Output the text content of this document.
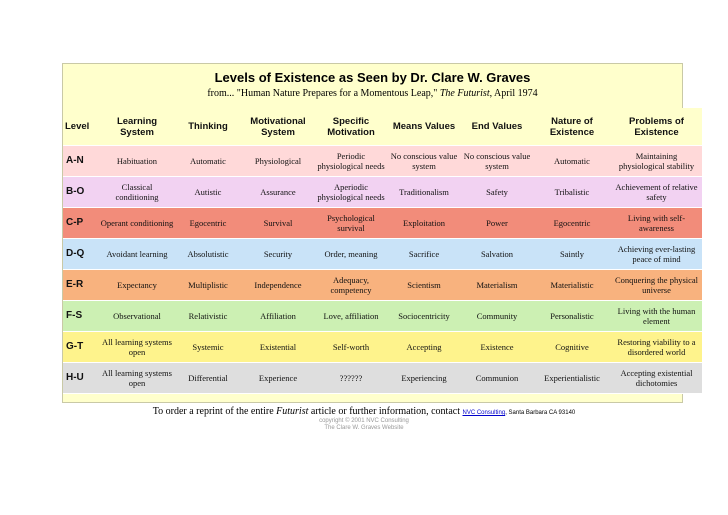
Levels of Existence as Seen by Dr. Clare W. Graves
from... "Human Nature Prepares for a Momentous Leap," The Futurist, April 1974
Level	Learning System	Thinking	Motivational System	Specific Motivation	Means Values	End Values	Nature of Existence	Problems of Existence
A-N	Habituation	Automatic	Physiological	Periodic physiological needs	No conscious value system	No conscious value system	Automatic	Maintaining physiological stability
B-O	Classical conditioning	Autistic	Assurance	Aperiodic physiological needs	Traditionalism	Safety	Tribalistic	Achievement of relative safety
C-P	Operant conditioning	Egocentric	Survival	Psychological survival	Exploitation	Power	Egocentric	Living with self-awareness
D-Q	Avoidant learning	Absolutistic	Security	Order, meaning	Sacrifice	Salvation	Saintly	Achieving ever-lasting peace of mind
E-R	Expectancy	Multiplistic	Independence	Adequacy, competency	Scientism	Materialism	Materialistic	Conquering the physical universe
F-S	Observational	Relativistic	Affiliation	Love, affiliation	Sociocentricity	Community	Personalistic	Living with the human element
G-T	All learning systems open	Systemic	Existential	Self-worth	Accepting	Existence	Cognitive	Restoring viability to a disordered world
H-U	All learning systems open	Differential	Experience	??????	Experiencing	Communion	Experientialistic	Accepting existential dichotomies
To order a reprint of the entire Futurist article or further information, contact NVC Consulting, Santa Barbara CA 93140
copyright © 2001 NVC Consulting
The Clare W. Graves Website
